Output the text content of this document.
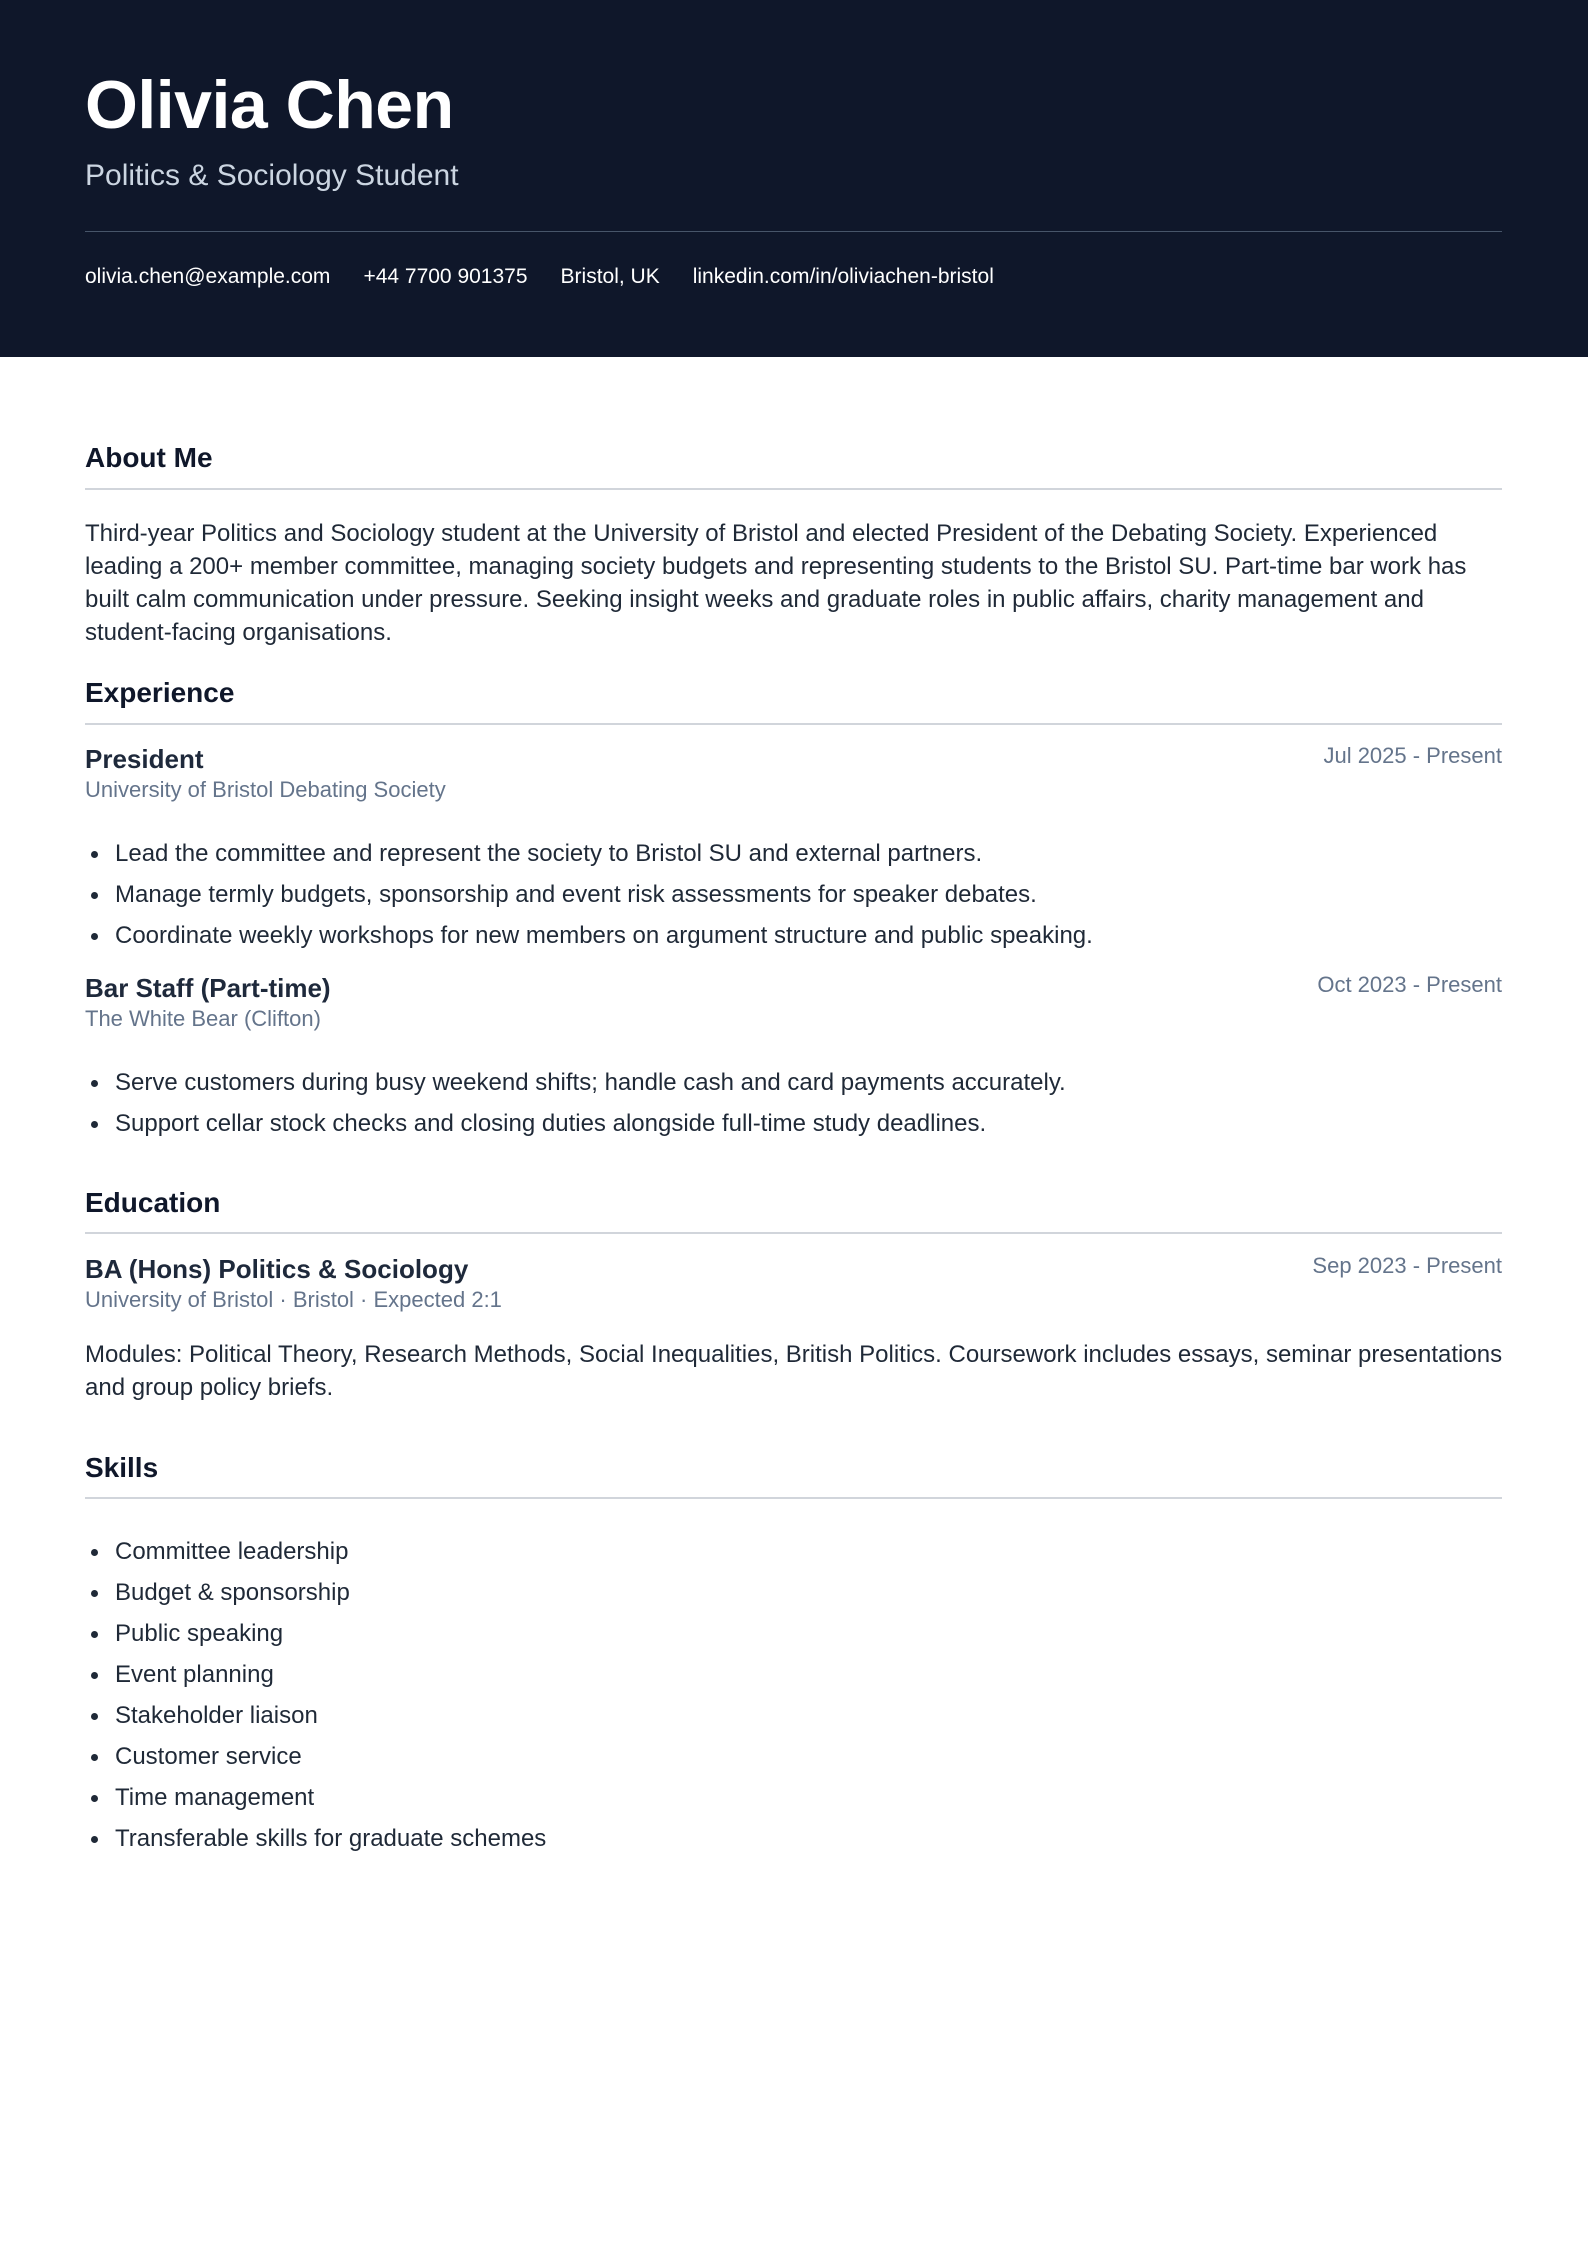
Olivia Chen
Politics & Sociology Student
olivia.chen@example.com +44 7700 901375 Bristol, UK linkedin.com/in/oliviachen-bristol
About Me
Third-year Politics and Sociology student at the University of Bristol and elected President of the Debating Society. Experienced leading a 200+ member committee, managing society budgets and representing students to the Bristol SU. Part-time bar work has built calm communication under pressure. Seeking insight weeks and graduate roles in public affairs, charity management and student-facing organisations.
Experience
President	Jul 2025 - Present
University of Bristol Debating Society
Lead the committee and represent the society to Bristol SU and external partners.
Manage termly budgets, sponsorship and event risk assessments for speaker debates.
Coordinate weekly workshops for new members on argument structure and public speaking.
Bar Staff (Part-time)	Oct 2023 - Present
The White Bear (Clifton)
Serve customers during busy weekend shifts; handle cash and card payments accurately.
Support cellar stock checks and closing duties alongside full-time study deadlines.
Education
BA (Hons) Politics & Sociology	Sep 2023 - Present
University of Bristol · Bristol · Expected 2:1
Modules: Political Theory, Research Methods, Social Inequalities, British Politics. Coursework includes essays, seminar presentations and group policy briefs.
Skills
Committee leadership
Budget & sponsorship
Public speaking
Event planning
Stakeholder liaison
Customer service
Time management
Transferable skills for graduate schemes
